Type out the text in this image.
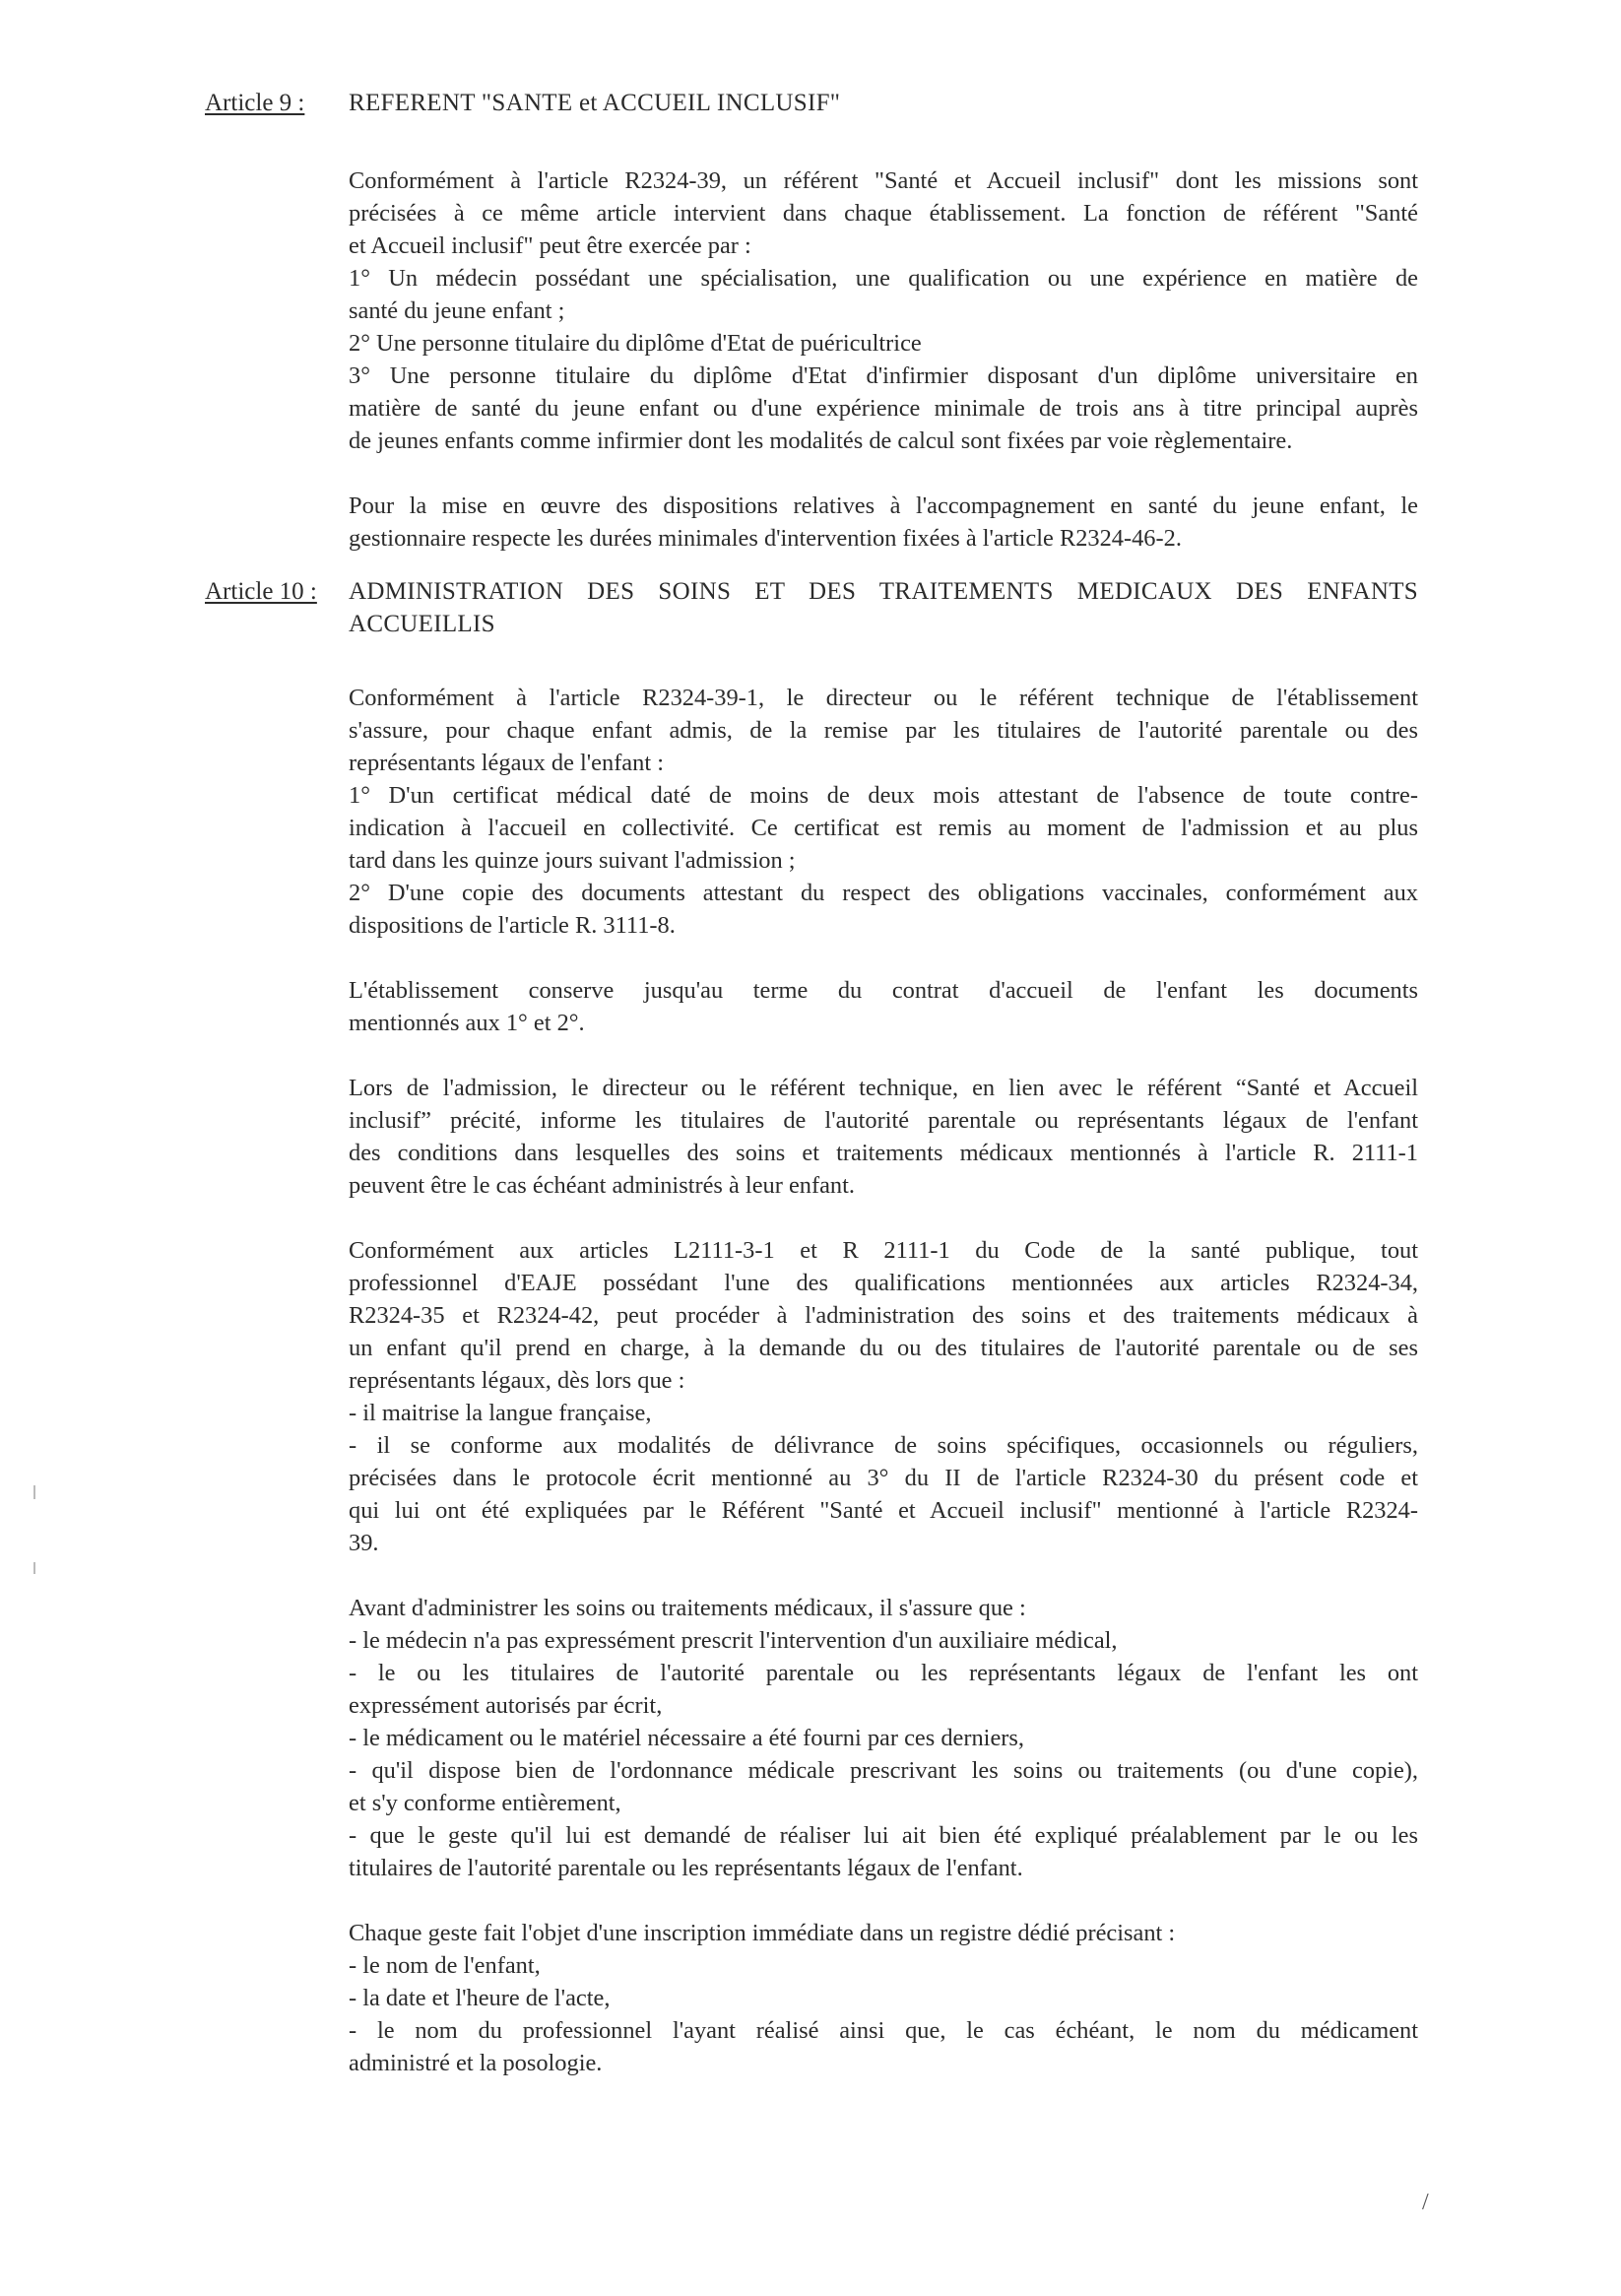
Article 9 : REFERENT "SANTE et ACCUEIL INCLUSIF"
Conformément à l'article R2324-39, un référent "Santé et Accueil inclusif" dont les missions sont
précisées à ce même article intervient dans chaque établissement. La fonction de référent "Santé
et Accueil inclusif" peut être exercée par :
1° Un médecin possédant une spécialisation, une qualification ou une expérience en matière de
santé du jeune enfant ;
2° Une personne titulaire du diplôme d'Etat de puéricultrice
3° Une personne titulaire du diplôme d'Etat d'infirmier disposant d'un diplôme universitaire en
matière de santé du jeune enfant ou d'une expérience minimale de trois ans à titre principal auprès
de jeunes enfants comme infirmier dont les modalités de calcul sont fixées par voie règlementaire.
Pour la mise en œuvre des dispositions relatives à l'accompagnement en santé du jeune enfant, le
gestionnaire respecte les durées minimales d'intervention fixées à l'article R2324-46-2.
Article 10 : ADMINISTRATION DES SOINS ET DES TRAITEMENTS MEDICAUX DES ENFANTS
ACCUEILLIS
Conformément à l'article R2324-39-1, le directeur ou le référent technique de l'établissement
s'assure, pour chaque enfant admis, de la remise par les titulaires de l'autorité parentale ou des
représentants légaux de l'enfant :
1° D'un certificat médical daté de moins de deux mois attestant de l'absence de toute contre-
indication à l'accueil en collectivité. Ce certificat est remis au moment de l'admission et au plus
tard dans les quinze jours suivant l'admission ;
2° D'une copie des documents attestant du respect des obligations vaccinales, conformément aux
dispositions de l'article R. 3111-8.
L'établissement conserve jusqu'au terme du contrat d'accueil de l'enfant les documents
mentionnés aux 1° et 2°.
Lors de l'admission, le directeur ou le référent technique, en lien avec le référent “Santé et Accueil
inclusif” précité, informe les titulaires de l'autorité parentale ou représentants légaux de l'enfant
des conditions dans lesquelles des soins et traitements médicaux mentionnés à l'article R. 2111-1
peuvent être le cas échéant administrés à leur enfant.
Conformément aux articles L2111-3-1 et R 2111-1 du Code de la santé publique, tout
professionnel d'EAJE possédant l'une des qualifications mentionnées aux articles R2324-34,
R2324-35 et R2324-42, peut procéder à l'administration des soins et des traitements médicaux à
un enfant qu'il prend en charge, à la demande du ou des titulaires de l'autorité parentale ou de ses
représentants légaux, dès lors que :
- il maitrise la langue française,
- il se conforme aux modalités de délivrance de soins spécifiques, occasionnels ou réguliers,
précisées dans le protocole écrit mentionné au 3° du II de l'article R2324-30 du présent code et
qui lui ont été expliquées par le Référent "Santé et Accueil inclusif" mentionné à l'article R2324-
39.
Avant d'administrer les soins ou traitements médicaux, il s'assure que :
- le médecin n'a pas expressément prescrit l'intervention d'un auxiliaire médical,
- le ou les titulaires de l'autorité parentale ou les représentants légaux de l'enfant les ont
expressément autorisés par écrit,
- le médicament ou le matériel nécessaire a été fourni par ces derniers,
- qu'il dispose bien de l'ordonnance médicale prescrivant les soins ou traitements (ou d'une copie),
et s'y conforme entièrement,
- que le geste qu'il lui est demandé de réaliser lui ait bien été expliqué préalablement par le ou les
titulaires de l'autorité parentale ou les représentants légaux de l'enfant.
Chaque geste fait l'objet d'une inscription immédiate dans un registre dédié précisant :
- le nom de l'enfant,
- la date et l'heure de l'acte,
- le nom du professionnel l'ayant réalisé ainsi que, le cas échéant, le nom du médicament
administré et la posologie.
/
